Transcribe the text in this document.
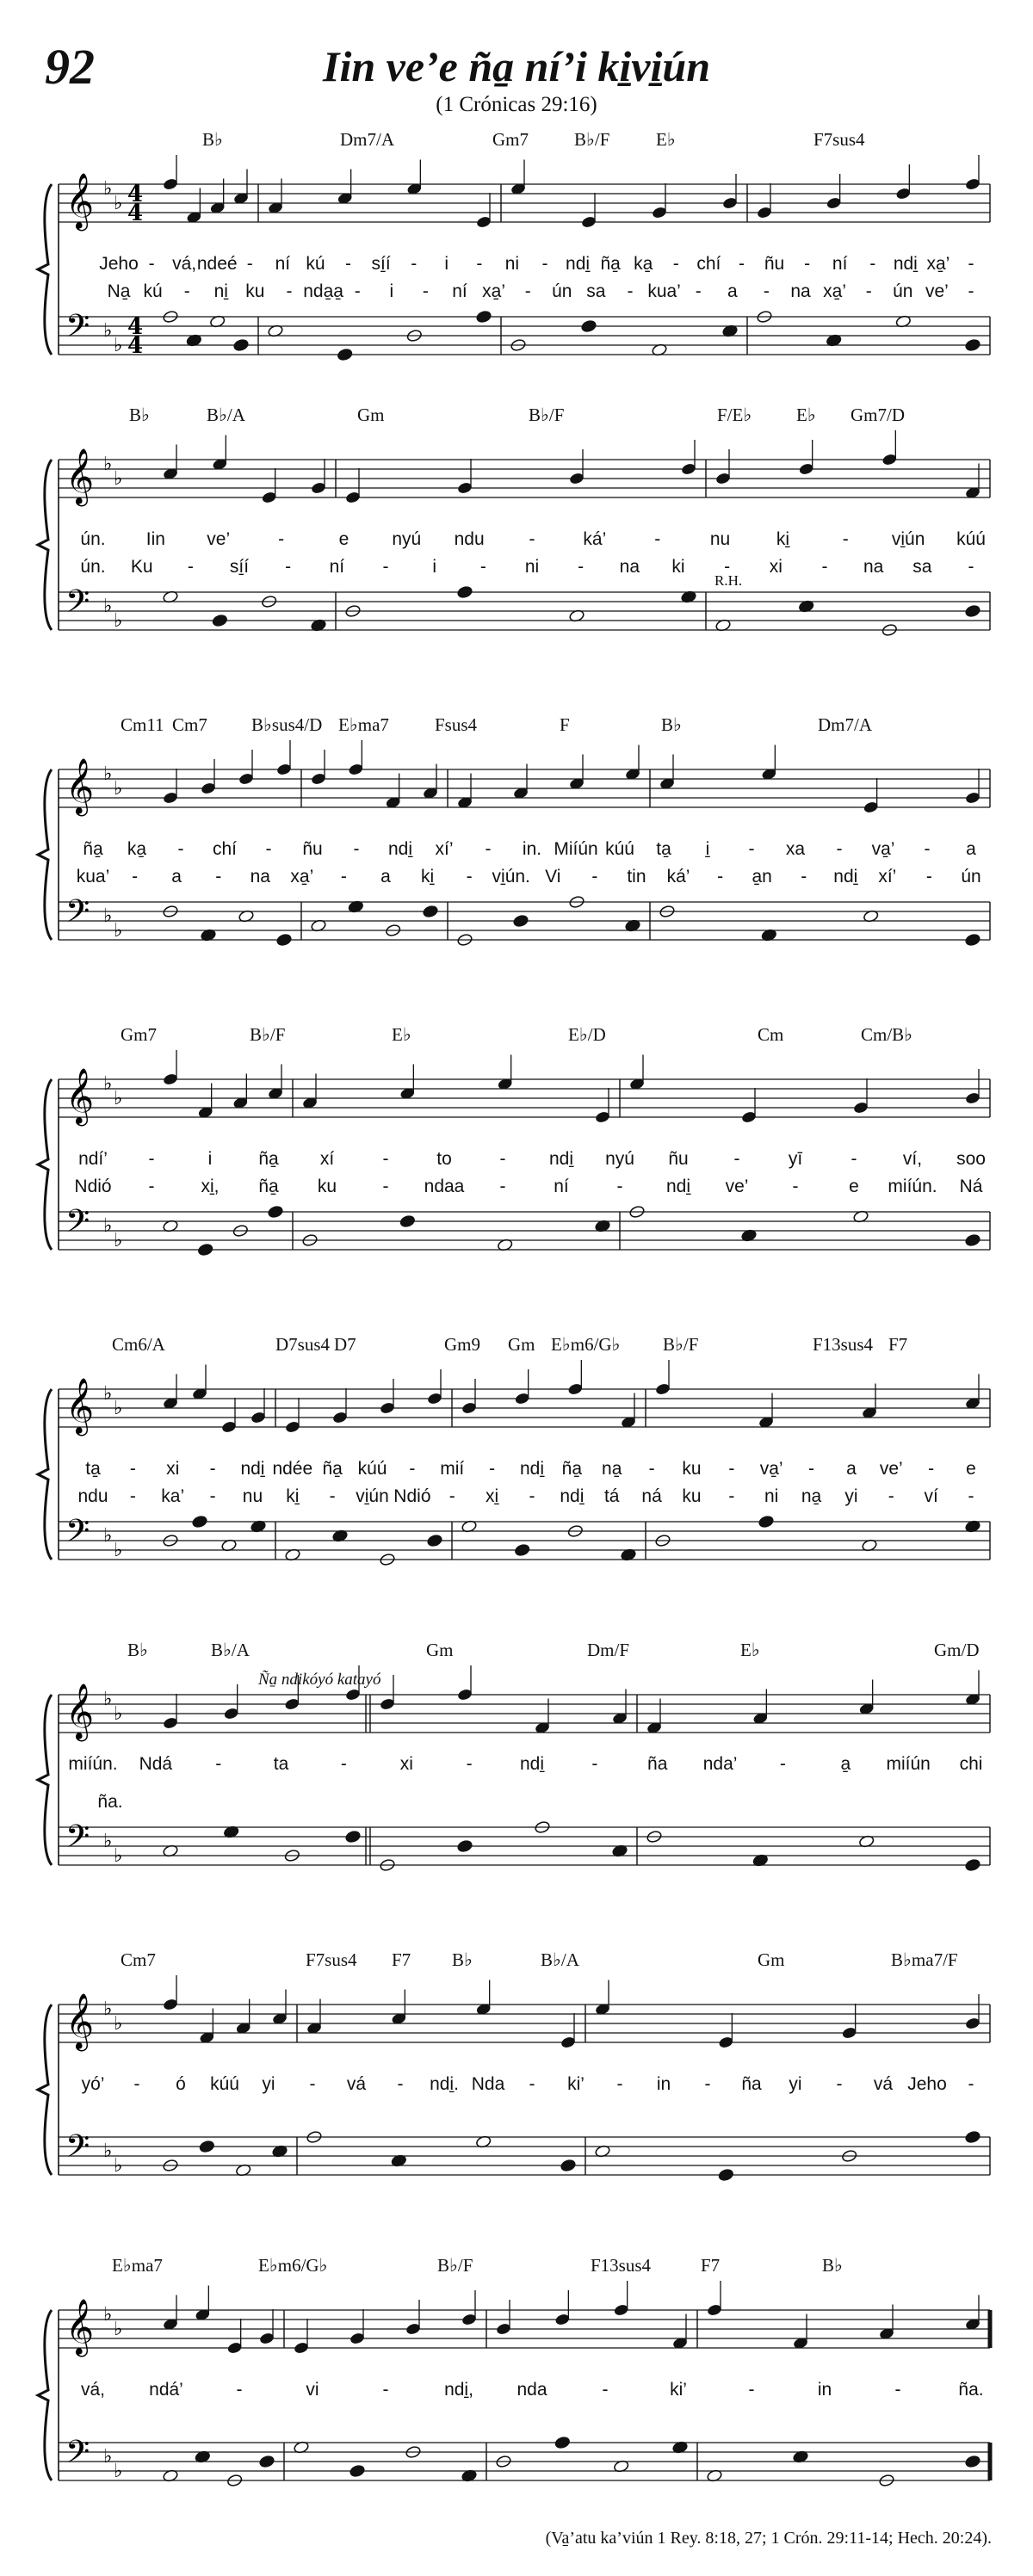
92	Iin ve’e ña̱ ní’i ki̱vi̱ún
(1 Crónicas 29:16)
𝄞
𝄢
♭
♭
♭
♭
4
4
4
4
B♭	Dm7/A	Gm7	B♭/F	E♭	F7sus4
Jeho - vá, ndeé - ní kú - sí̱í - i - ni - ndi̱ ña̱ ka̱ - chí - ñu - ní - ndi̱ xa̱’ -
Na̱ kú - ni̱ ku - nda̱a̱ - i - ní xa̱’ - ún sa - kua’ - a - na xa̱’ - ún ve’ -
𝄞
𝄢
♭
♭
♭
♭
B♭	B♭/A	Gm	B♭/F	F/E♭ E♭ Gm7/D
ún. Iin ve’	-	e nyú ndu -	ká’	-	nu	ki̱	- vi̱ún kúú
ún. Ku - sí̱í - ní - i - ni - na ki - xi - na sa -
R.H.
𝄞
𝄢
♭
♭
♭
♭
Cm11 Cm7 B♭sus4/D E♭ma7	Fsus4	F	B♭	Dm7/A
ña̱ ka̱ - chí - ñu - ndi̱ xí’ - in. Miíún kúú ta̱ i̱ - xa - va̱’ - a
kua’ - a - na xa̱’ - a ki̱ - vi̱ún. Vi - tin ká’ - a̱n - ndi̱ xí’ - ún
𝄞
𝄢
♭
♭
♭
♭
Gm7	B♭/F	E♭	E♭/D	Cm	Cm/B♭
ndí’ -	i	ña̱ xí	-	to	- ndi̱ nyú ñu	-	yī	-	ví, soo
Ndió -	xi̱, ña̱ ku	- ndaa -	ní	- ndi̱ ve’ -	e miíún. Ná
𝄞
𝄢
♭
♭
♭
♭
Cm6/A	D7sus4 D7	Gm9 Gm E♭m6/G♭ B♭/F	F13sus4 F7
ta̱ - xi - ndi̱ ndée ña̱ kúú - mií - ndi̱ ña̱ na̱ - ku - va̱’ - a ve’ - e
ndu - ka’ - nu ki̱ - vi̱ún Ndió - xi̱ - ndi̱ tá ná ku - ni na̱ yi - ví -
𝄞
𝄢
♭
♭
♭
♭
B♭	B♭/A	Gm	Dm/F	E♭	Gm/D
miíún. Ndá -	ta	-	xi	-	ndi̱	-	ña nda’ -	a̱ miíún chi
ña.
Ña̱ ndikóyó katayó
𝄞
𝄢
♭
♭
♭
♭
Cm7	F7sus4 F7 B♭	B♭/A	Gm	B♭ma7/F
yó’ - ó kúú yi - vá - ndi̱. Nda - ki’ - in - ña yi - vá Jeho -
𝄞
𝄢
♭
♭
♭
♭
E♭ma7	E♭m6/G♭	B♭/F	F13sus4	F7	B♭
vá, ndá’	-	vi	-	ndi̱, nda	-	ki’	-	in	-	ña.
(Va̱’atu ka’viún 1 Rey. 8:18, 27; 1 Crón. 29:11-14; Hech. 20:24).
